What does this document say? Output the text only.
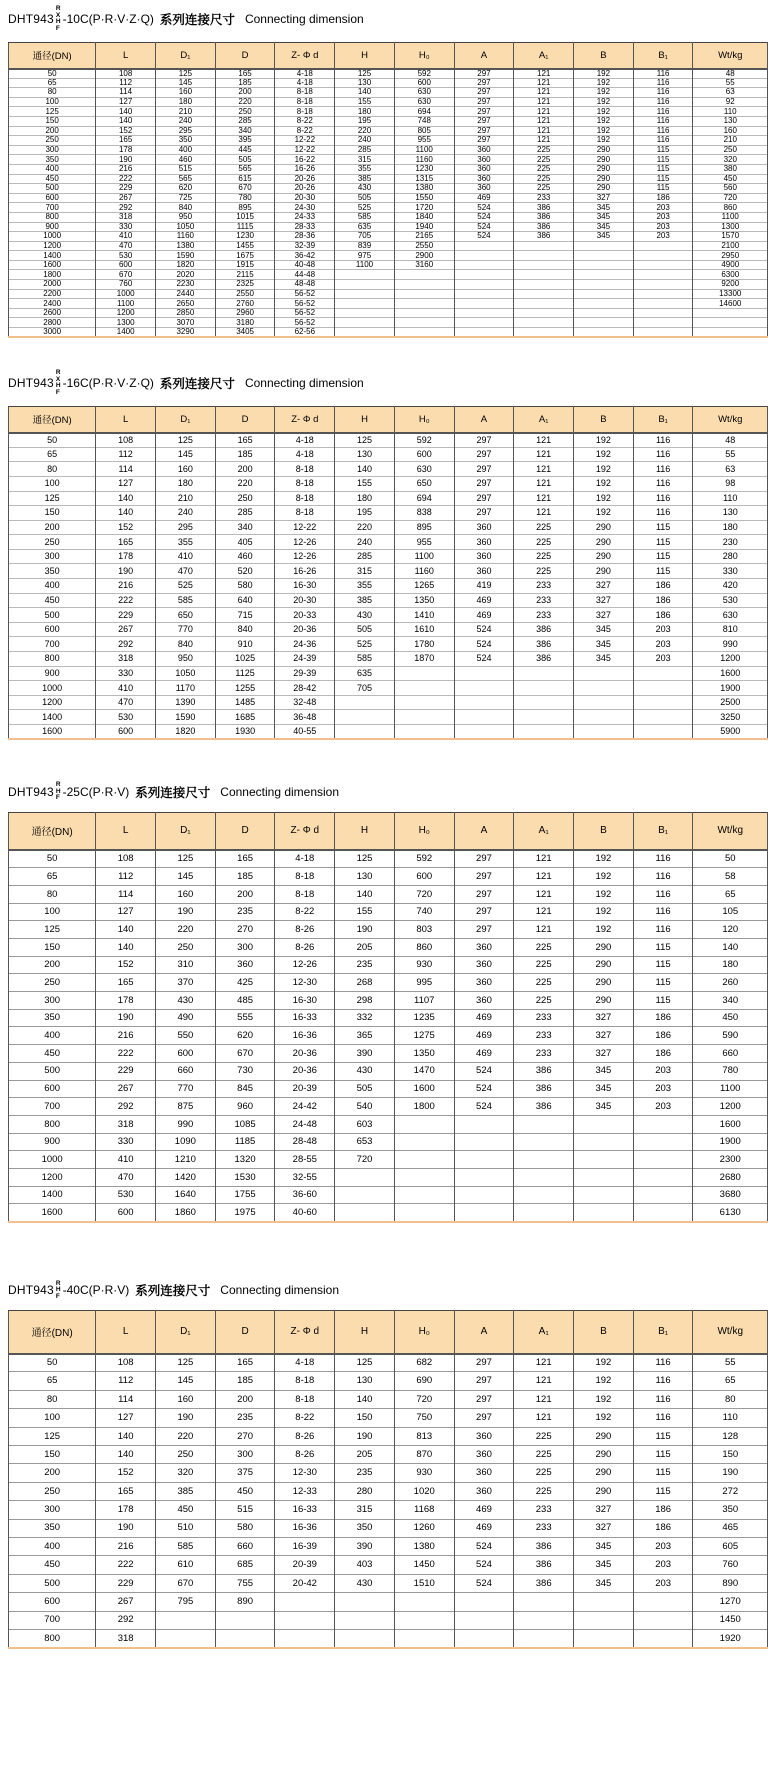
DHT943
R
X
H
F
-10C(P·R·V·Z·Q) 系列连接尺寸 Connecting dimension
通径(DN)	L	D₁	D	Z- Φ d	H	H₀	A	A₁	B	B₁	Wt/kg
50	108	125	165	4-18	125	592	297	121	192	116	48
65	112	145	185	4-18	130	600	297	121	192	116	55
80	114	160	200	8-18	140	630	297	121	192	116	63
100	127	180	220	8-18	155	630	297	121	192	116	92
125	140	210	250	8-18	180	694	297	121	192	116	110
150	140	240	285	8-22	195	748	297	121	192	116	130
200	152	295	340	8-22	220	805	297	121	192	116	160
250	165	350	395	12-22	240	955	297	121	192	116	210
300	178	400	445	12-22	285	1100	360	225	290	115	250
350	190	460	505	16-22	315	1160	360	225	290	115	320
400	216	515	565	16-26	355	1230	360	225	290	115	380
450	222	565	615	20-26	385	1315	360	225	290	115	450
500	229	620	670	20-26	430	1380	360	225	290	115	560
600	267	725	780	20-30	505	1550	469	233	327	186	720
700	292	840	895	24-30	525	1720	524	386	345	203	860
800	318	950	1015	24-33	585	1840	524	386	345	203	1100
900	330	1050	1115	28-33	635	1940	524	386	345	203	1300
1000	410	1160	1230	28-36	705	2165	524	386	345	203	1570
1200	470	1380	1455	32-39	839	2550					2100
1400	530	1590	1675	36-42	975	2900					2950
1600	600	1820	1915	40-48	1100	3160					4900
1800	670	2020	2115	44-48							6300
2000	760	2230	2325	48-48							9200
2200	1000	2440	2550	56-52							13300
2400	1100	2650	2760	56-52							14600
2600	1200	2850	2960	56-52							
2800	1300	3070	3180	56-52							
3000	1400	3290	3405	62-56							
DHT943
R
X
H
F
-16C(P·R·V·Z·Q) 系列连接尺寸 Connecting dimension
通径(DN)	L	D₁	D	Z- Φ d	H	H₀	A	A₁	B	B₁	Wt/kg
50	108	125	165	4-18	125	592	297	121	192	116	48
65	112	145	185	4-18	130	600	297	121	192	116	55
80	114	160	200	8-18	140	630	297	121	192	116	63
100	127	180	220	8-18	155	650	297	121	192	116	98
125	140	210	250	8-18	180	694	297	121	192	116	110
150	140	240	285	8-18	195	838	297	121	192	116	130
200	152	295	340	12-22	220	895	360	225	290	115	180
250	165	355	405	12-26	240	955	360	225	290	115	230
300	178	410	460	12-26	285	1100	360	225	290	115	280
350	190	470	520	16-26	315	1160	360	225	290	115	330
400	216	525	580	16-30	355	1265	419	233	327	186	420
450	222	585	640	20-30	385	1350	469	233	327	186	530
500	229	650	715	20-33	430	1410	469	233	327	186	630
600	267	770	840	20-36	505	1610	524	386	345	203	810
700	292	840	910	24-36	525	1780	524	386	345	203	990
800	318	950	1025	24-39	585	1870	524	386	345	203	1200
900	330	1050	1125	29-39	635						1600
1000	410	1170	1255	28-42	705						1900
1200	470	1390	1485	32-48							2500
1400	530	1590	1685	36-48							3250
1600	600	1820	1930	40-55							5900
DHT943
R
H
F -25C(P·R·V) 系列连接尺寸 Connecting dimension
通径(DN)	L	D₁	D	Z- Φ d	H	H₀	A	A₁	B	B₁	Wt/kg
50	108	125	165	4-18	125	592	297	121	192	116	50
65	112	145	185	8-18	130	600	297	121	192	116	58
80	114	160	200	8-18	140	720	297	121	192	116	65
100	127	190	235	8-22	155	740	297	121	192	116	105
125	140	220	270	8-26	190	803	297	121	192	116	120
150	140	250	300	8-26	205	860	360	225	290	115	140
200	152	310	360	12-26	235	930	360	225	290	115	180
250	165	370	425	12-30	268	995	360	225	290	115	260
300	178	430	485	16-30	298	1107	360	225	290	115	340
350	190	490	555	16-33	332	1235	469	233	327	186	450
400	216	550	620	16-36	365	1275	469	233	327	186	590
450	222	600	670	20-36	390	1350	469	233	327	186	660
500	229	660	730	20-36	430	1470	524	386	345	203	780
600	267	770	845	20-39	505	1600	524	386	345	203	1100
700	292	875	960	24-42	540	1800	524	386	345	203	1200
800	318	990	1085	24-48	603						1600
900	330	1090	1185	28-48	653						1900
1000	410	1210	1320	28-55	720						2300
1200	470	1420	1530	32-55							2680
1400	530	1640	1755	36-60							3680
1600	600	1860	1975	40-60							6130
DHT943
R
H
F -40C(P·R·V) 系列连接尺寸 Connecting dimension
通径(DN)	L	D₁	D	Z- Φ d	H	H₀	A	A₁	B	B₁	Wt/kg
50	108	125	165	4-18	125	682	297	121	192	116	55
65	112	145	185	8-18	130	690	297	121	192	116	65
80	114	160	200	8-18	140	720	297	121	192	116	80
100	127	190	235	8-22	150	750	297	121	192	116	110
125	140	220	270	8-26	190	813	360	225	290	115	128
150	140	250	300	8-26	205	870	360	225	290	115	150
200	152	320	375	12-30	235	930	360	225	290	115	190
250	165	385	450	12-33	280	1020	360	225	290	115	272
300	178	450	515	16-33	315	1168	469	233	327	186	350
350	190	510	580	16-36	350	1260	469	233	327	186	465
400	216	585	660	16-39	390	1380	524	386	345	203	605
450	222	610	685	20-39	403	1450	524	386	345	203	760
500	229	670	755	20-42	430	1510	524	386	345	203	890
600	267	795	890								1270
700	292										1450
800	318										1920
